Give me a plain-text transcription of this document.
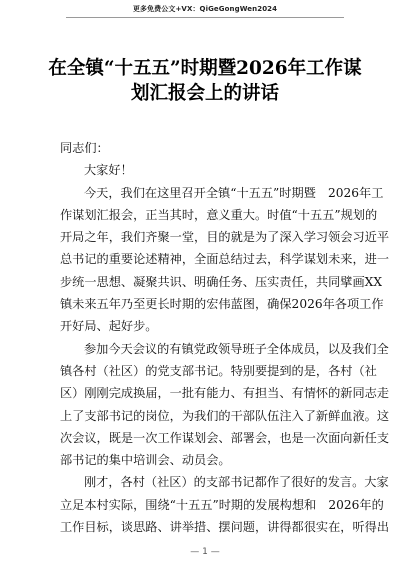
更多免费公文+VX：QiGeGongWen2024
在全镇“十五五”时期暨2026年工作谋
划汇报会上的讲话
同志们：
大家好！
今天，我们在这里召开全镇“十五五”时期暨　2026年工
作谋划汇报会，正当其时，意义重大。时值“十五五”规划的
开局之年，我们齐聚一堂，目的就是为了深入学习领会习近平
总书记的重要论述精神，全面总结过去，科学谋划未来，进一
步统一思想、凝聚共识、明确任务、压实责任，共同擘画XX
镇未来五年乃至更长时期的宏伟蓝图，确保2026年各项工作
开好局、起好步。
参加今天会议的有镇党政领导班子全体成员，以及我们全
镇各村（社区）的党支部书记。特别要提到的是，各村（社
区）刚刚完成换届，一批有能力、有担当、有情怀的新同志走
上了支部书记的岗位，为我们的干部队伍注入了新鲜血液。这
次会议，既是一次工作谋划会、部署会，也是一次面向新任支
部书记的集中培训会、动员会。
刚才，各村（社区）的支部书记都作了很好的发言。大家
立足本村实际，围绕“十五五”时期的发展构想和　2026年的
工作目标，谈思路、讲举措、摆问题，讲得都很实在，听得出
— 1 —
